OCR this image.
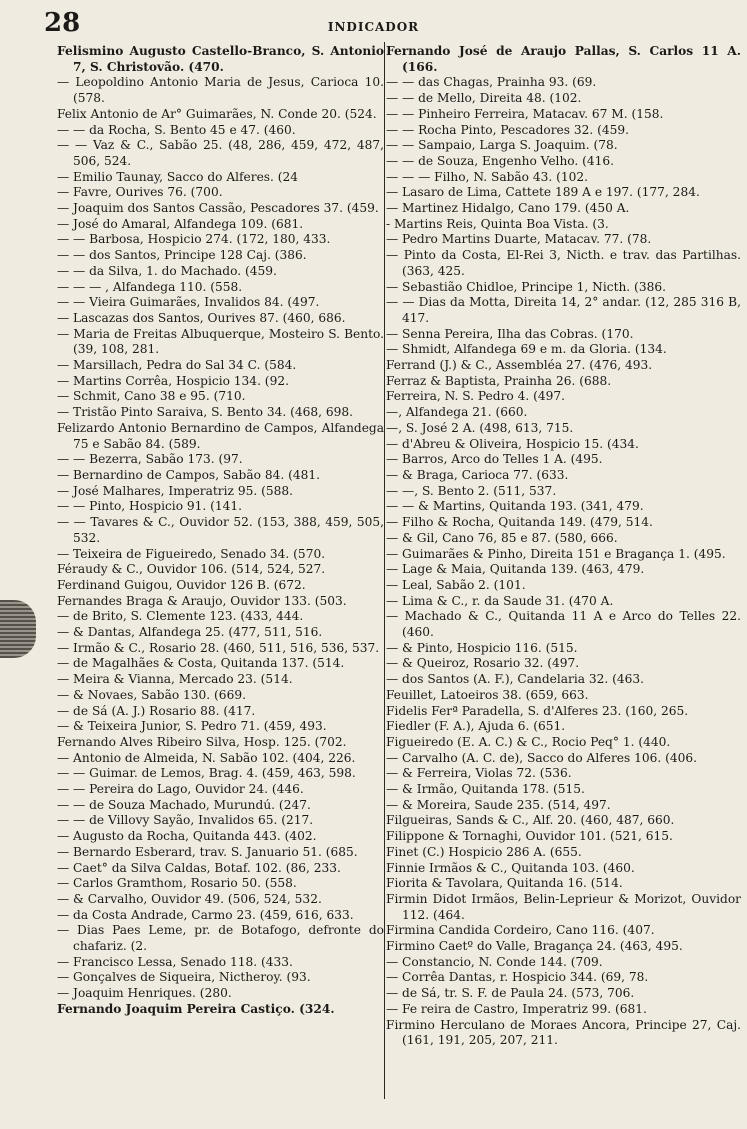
28	INDICADOR
Felismino Augusto Castello-Branco, S. Antonio 7, S. Christovão. (470.
— Leopoldino Antonio Maria de Jesus, Carioca 10. (578.
Felix Antonio de Ar° Guimarães, N. Conde 20. (524.
— — da Rocha, S. Bento 45 e 47. (460.
— — Vaz & C., Sabão 25. (48, 286, 459, 472, 487, 506, 524.
— Emilio Taunay, Sacco do Alferes. (24
— Favre, Ourives 76. (700.
— Joaquim dos Santos Cassão, Pescadores 37. (459.
— José do Amaral, Alfandega 109. (681.
— — Barbosa, Hospicio 274. (172, 180, 433.
— — dos Santos, Principe 128 Caj. (386.
— — da Silva, 1. do Machado. (459.
— — — , Alfandega 110. (558.
— — Vieira Guimarães, Invalidos 84. (497.
— Lascazas dos Santos, Ourives 87. (460, 686.
— Maria de Freitas Albuquerque, Mosteiro S. Bento. (39, 108, 281.
— Marsillach, Pedra do Sal 34 C. (584.
— Martins Corrêa, Hospicio 134. (92.
— Schmit, Cano 38 e 95. (710.
— Tristão Pinto Saraiva, S. Bento 34. (468, 698.
Felizardo Antonio Bernardino de Campos, Alfandega 75 e Sabão 84. (589.
— — Bezerra, Sabão 173. (97.
— Bernardino de Campos, Sabão 84. (481.
— José Malhares, Imperatriz 95. (588.
— — Pinto, Hospicio 91. (141.
— — Tavares & C., Ouvidor 52. (153, 388, 459, 505, 532.
— Teixeira de Figueiredo, Senado 34. (570.
Féraudy & C., Ouvidor 106. (514, 524, 527.
Ferdinand Guigou, Ouvidor 126 B. (672.
Fernandes Braga & Araujo, Ouvidor 133. (503.
— de Brito, S. Clemente 123. (433, 444.
— & Dantas, Alfandega 25. (477, 511, 516.
— Irmão & C., Rosario 28. (460, 511, 516, 536, 537.
— de Magalhães & Costa, Quitanda 137. (514.
— Meira & Vianna, Mercado 23. (514.
— & Novaes, Sabão 130. (669.
— de Sá (A. J.) Rosario 88. (417.
— & Teixeira Junior, S. Pedro 71. (459, 493.
Fernando Alves Ribeiro Silva, Hosp. 125. (702.
— Antonio de Almeida, N. Sabão 102. (404, 226.
— — Guimar. de Lemos, Brag. 4. (459, 463, 598.
— — Pereira do Lago, Ouvidor 24. (446.
— — de Souza Machado, Murundú. (247.
— — de Villovy Sayão, Invalidos 65. (217.
— Augusto da Rocha, Quitanda 443. (402.
— Bernardo Esberard, trav. S. Januario 51. (685.
— Caet° da Silva Caldas, Botaf. 102. (86, 233.
— Carlos Gramthom, Rosario 50. (558.
— & Carvalho, Ouvidor 49. (506, 524, 532.
— da Costa Andrade, Carmo 23. (459, 616, 633.
— Dias Paes Leme, pr. de Botafogo, defronte do chafariz. (2.
— Francisco Lessa, Senado 118. (433.
— Gonçalves de Siqueira, Nictheroy. (93.
— Joaquim Henriques. (280.
Fernando Joaquim Pereira Castiço. (324.
Fernando José de Araujo Pallas, S. Carlos 11 A. (166.
— — das Chagas, Prainha 93. (69.
— — de Mello, Direita 48. (102.
— — Pinheiro Ferreira, Matacav. 67 M. (158.
— — Rocha Pinto, Pescadores 32. (459.
— — Sampaio, Larga S. Joaquim. (78.
— — de Souza, Engenho Velho. (416.
— — — Filho, N. Sabão 43. (102.
— Lasaro de Lima, Cattete 189 A e 197. (177, 284.
— Martinez Hidalgo, Cano 179. (450 A.
- Martins Reis, Quinta Boa Vista. (3.
— Pedro Martins Duarte, Matacav. 77. (78.
— Pinto da Costa, El-Rei 3, Nicth. e trav. das Partilhas. (363, 425.
— Sebastião Chidloe, Principe 1, Nicth. (386.
— — Dias da Motta, Direita 14, 2° andar. (12, 285 316 B, 417.
— Senna Pereira, Ilha das Cobras. (170.
— Shmidt, Alfandega 69 e m. da Gloria. (134.
Ferrand (J.) & C., Assembléa 27. (476, 493.
Ferraz & Baptista, Prainha 26. (688.
Ferreira, N. S. Pedro 4. (497.
—, Alfandega 21. (660.
—, S. José 2 A. (498, 613, 715.
— d'Abreu & Oliveira, Hospicio 15. (434.
— Barros, Arco do Telles 1 A. (495.
— & Braga, Carioca 77. (633.
— —, S. Bento 2. (511, 537.
— — & Martins, Quitanda 193. (341, 479.
— Filho & Rocha, Quitanda 149. (479, 514.
— & Gil, Cano 76, 85 e 87. (580, 666.
— Guimarães & Pinho, Direita 151 e Bragança 1. (495.
— Lage & Maia, Quitanda 139. (463, 479.
— Leal, Sabão 2. (101.
— Lima & C., r. da Saude 31. (470 A.
— Machado & C., Quitanda 11 A e Arco do Telles 22. (460.
— & Pinto, Hospicio 116. (515.
— & Queiroz, Rosario 32. (497.
— dos Santos (A. F.), Candelaria 32. (463.
Feuillet, Latoeiros 38. (659, 663.
Fidelis Ferª Paradella, S. d'Alferes 23. (160, 265.
Fiedler (F. A.), Ajuda 6. (651.
Figueiredo (E. A. C.) & C., Rocio Peq° 1. (440.
— Carvalho (A. C. de), Sacco do Alferes 106. (406.
— & Ferreira, Violas 72. (536.
— & Irmão, Quitanda 178. (515.
— & Moreira, Saude 235. (514, 497.
Filgueiras, Sands & C., Alf. 20. (460, 487, 660.
Filippone & Tornaghi, Ouvidor 101. (521, 615.
Finet (C.) Hospicio 286 A. (655.
Finnie Irmãos & C., Quitanda 103. (460.
Fiorita & Tavolara, Quitanda 16. (514.
Firmin Didot Irmãos, Belin-Leprieur & Morizot, Ouvidor 112. (464.
Firmina Candida Cordeiro, Cano 116. (407.
Firmino Caetº do Valle, Bragança 24. (463, 495.
— Constancio, N. Conde 144. (709.
— Corrêa Dantas, r. Hospicio 344. (69, 78.
— de Sá, tr. S. F. de Paula 24. (573, 706.
— Fe reira de Castro, Imperatriz 99. (681.
Firmino Herculano de Moraes Ancora, Principe 27, Caj. (161, 191, 205, 207, 211.
